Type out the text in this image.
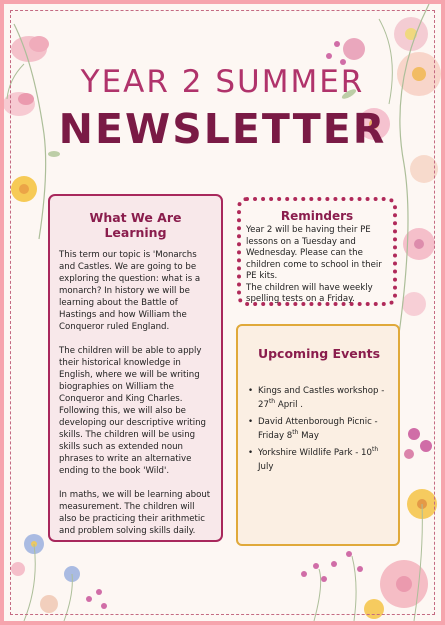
YEAR 2 SUMMER
NEWSLETTER
What We Are Learning

This term our topic is 'Monarchs and Castles. We are going to be exploring the question: what is a monarch? In history we will be learning about the Battle of Hastings and how William the Conqueror ruled England.

The children will be able to apply their historical knowledge in English, where we will be writing biographies on William the Conqueror and King Charles. Following this, we will also be developing our descriptive writing skills. The children will be using skills such as extended noun phrases to write an alternative ending to the book 'Wild'.

In maths, we will be learning about measurement. The children will also be practicing their arithmetic and problem solving skills daily.

Reminders

Year 2 will be having their PE lessons on a Tuesday and Wednesday. Please can the children come to school in their PE kits.

The children will have weekly spelling tests on a Friday.

Upcoming Events
• Kings and Castles workshop - 27th April .
• David Attenborough Picnic - Friday 8th May
• Yorkshire Wildlife Park - 10th July
